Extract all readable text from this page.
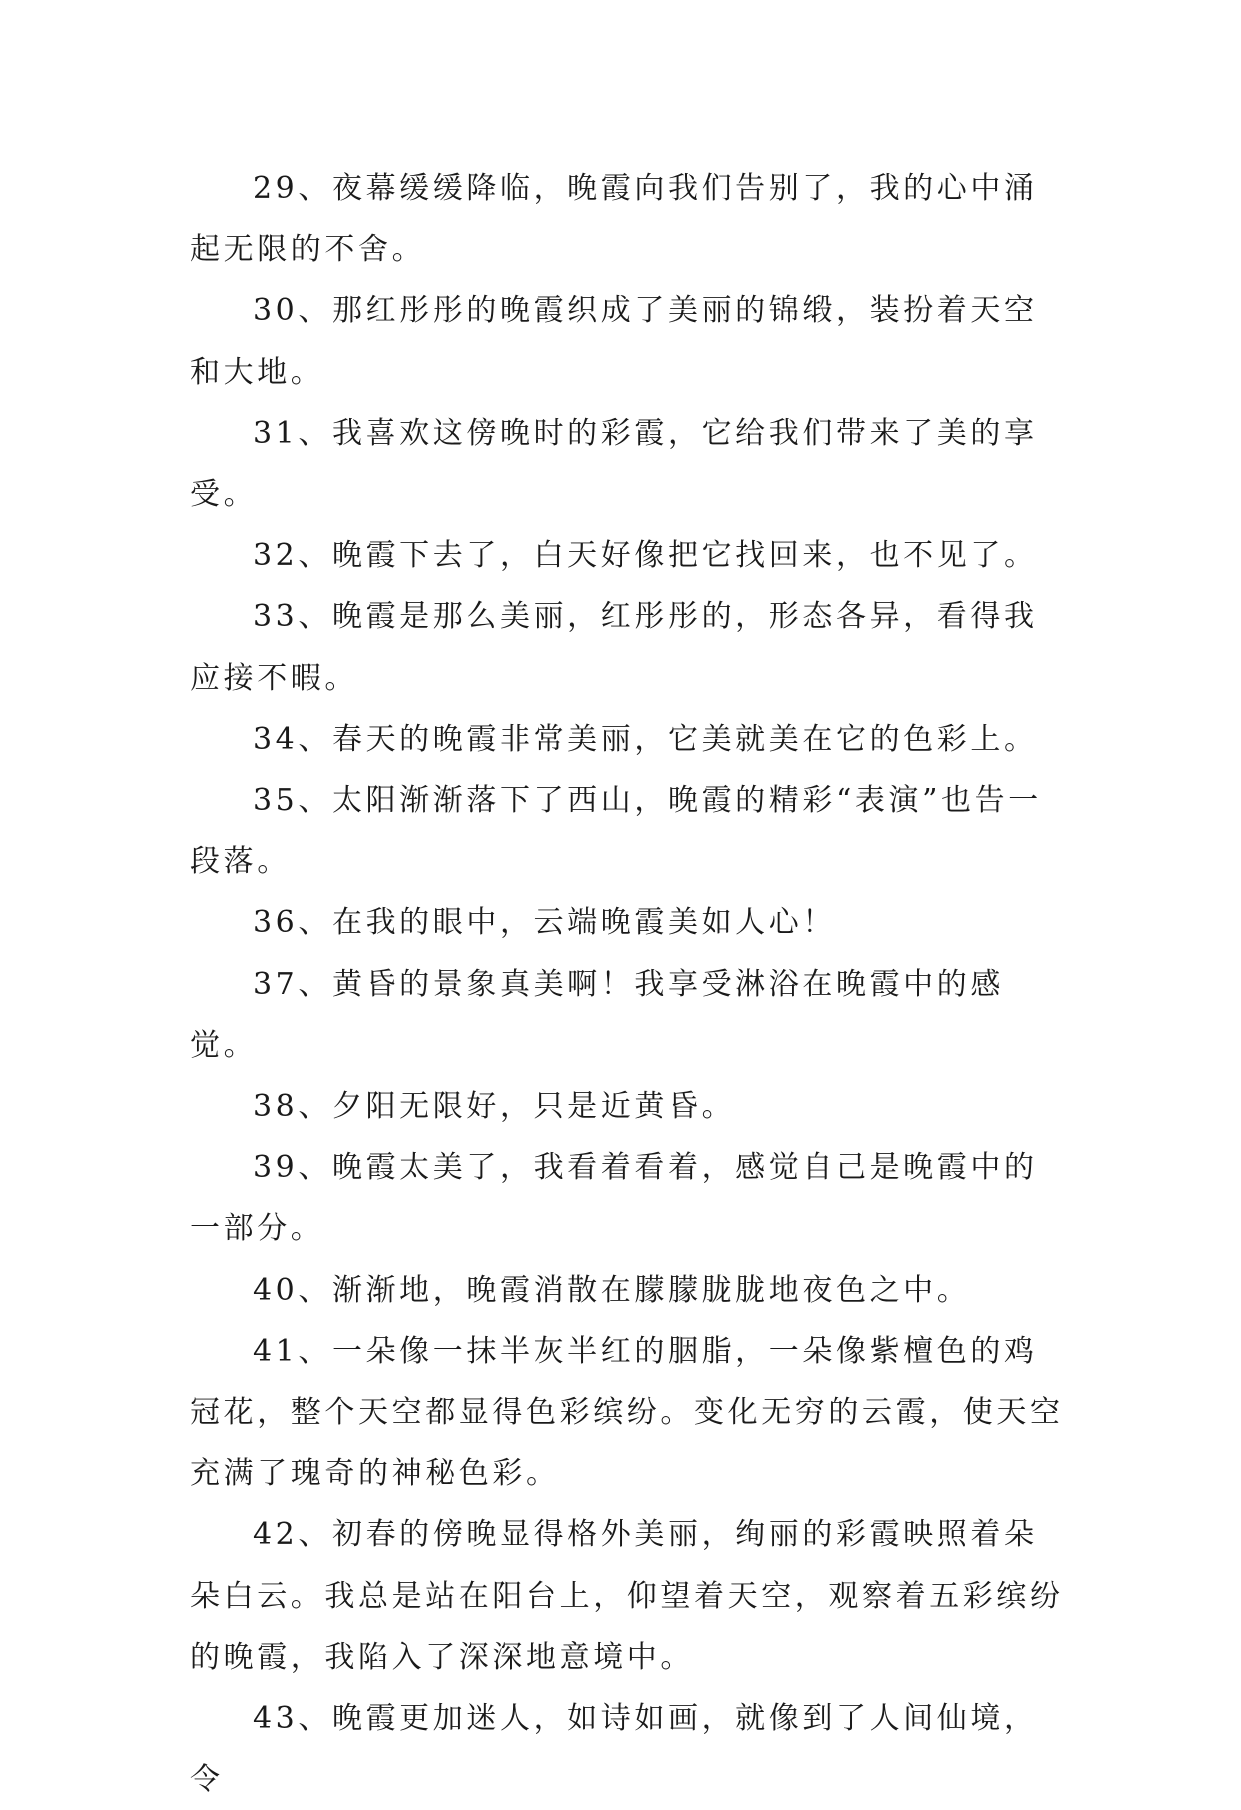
29、夜幕缓缓降临，晚霞向我们告别了，我的心中涌起无限的不舍。

30、那红彤彤的晚霞织成了美丽的锦缎，装扮着天空和大地。

31、我喜欢这傍晚时的彩霞，它给我们带来了美的享受。

32、晚霞下去了，白天好像把它找回来，也不见了。

33、晚霞是那么美丽，红彤彤的，形态各异，看得我应接不暇。

34、春天的晚霞非常美丽，它美就美在它的色彩上。

35、太阳渐渐落下了西山，晚霞的精彩“表演”也告一段落。

36、在我的眼中，云端晚霞美如人心！

37、黄昏的景象真美啊！我享受淋浴在晚霞中的感觉。

38、夕阳无限好，只是近黄昏。

39、晚霞太美了，我看着看着，感觉自己是晚霞中的一部分。

40、渐渐地，晚霞消散在朦朦胧胧地夜色之中。

41、一朵像一抹半灰半红的胭脂，一朵像紫檀色的鸡冠花，整个天空都显得色彩缤纷。变化无穷的云霞，使天空充满了瑰奇的神秘色彩。

42、初春的傍晚显得格外美丽，绚丽的彩霞映照着朵朵白云。我总是站在阳台上，仰望着天空，观察着五彩缤纷的晚霞，我陷入了深深地意境中。

43、晚霞更加迷人，如诗如画，就像到了人间仙境，令
